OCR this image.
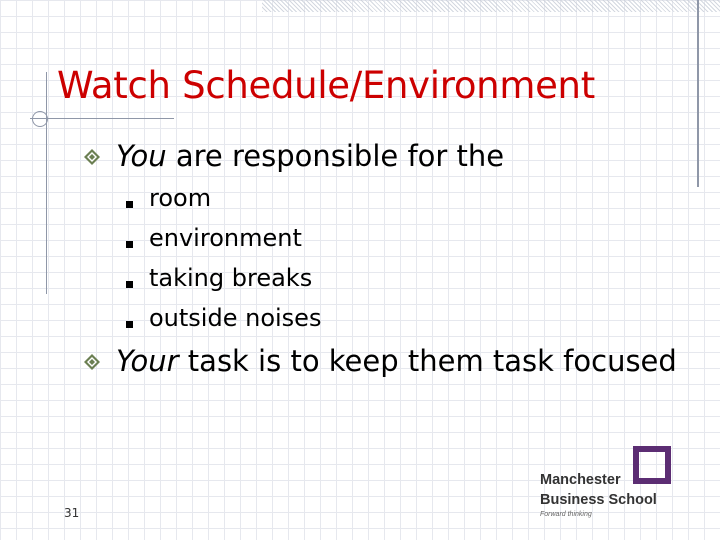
Watch Schedule/Environment
You are responsible for the
room
environment
taking breaks
outside noises
Your task is to keep them task focused
31
Manchester
Business School
Forward thinking
